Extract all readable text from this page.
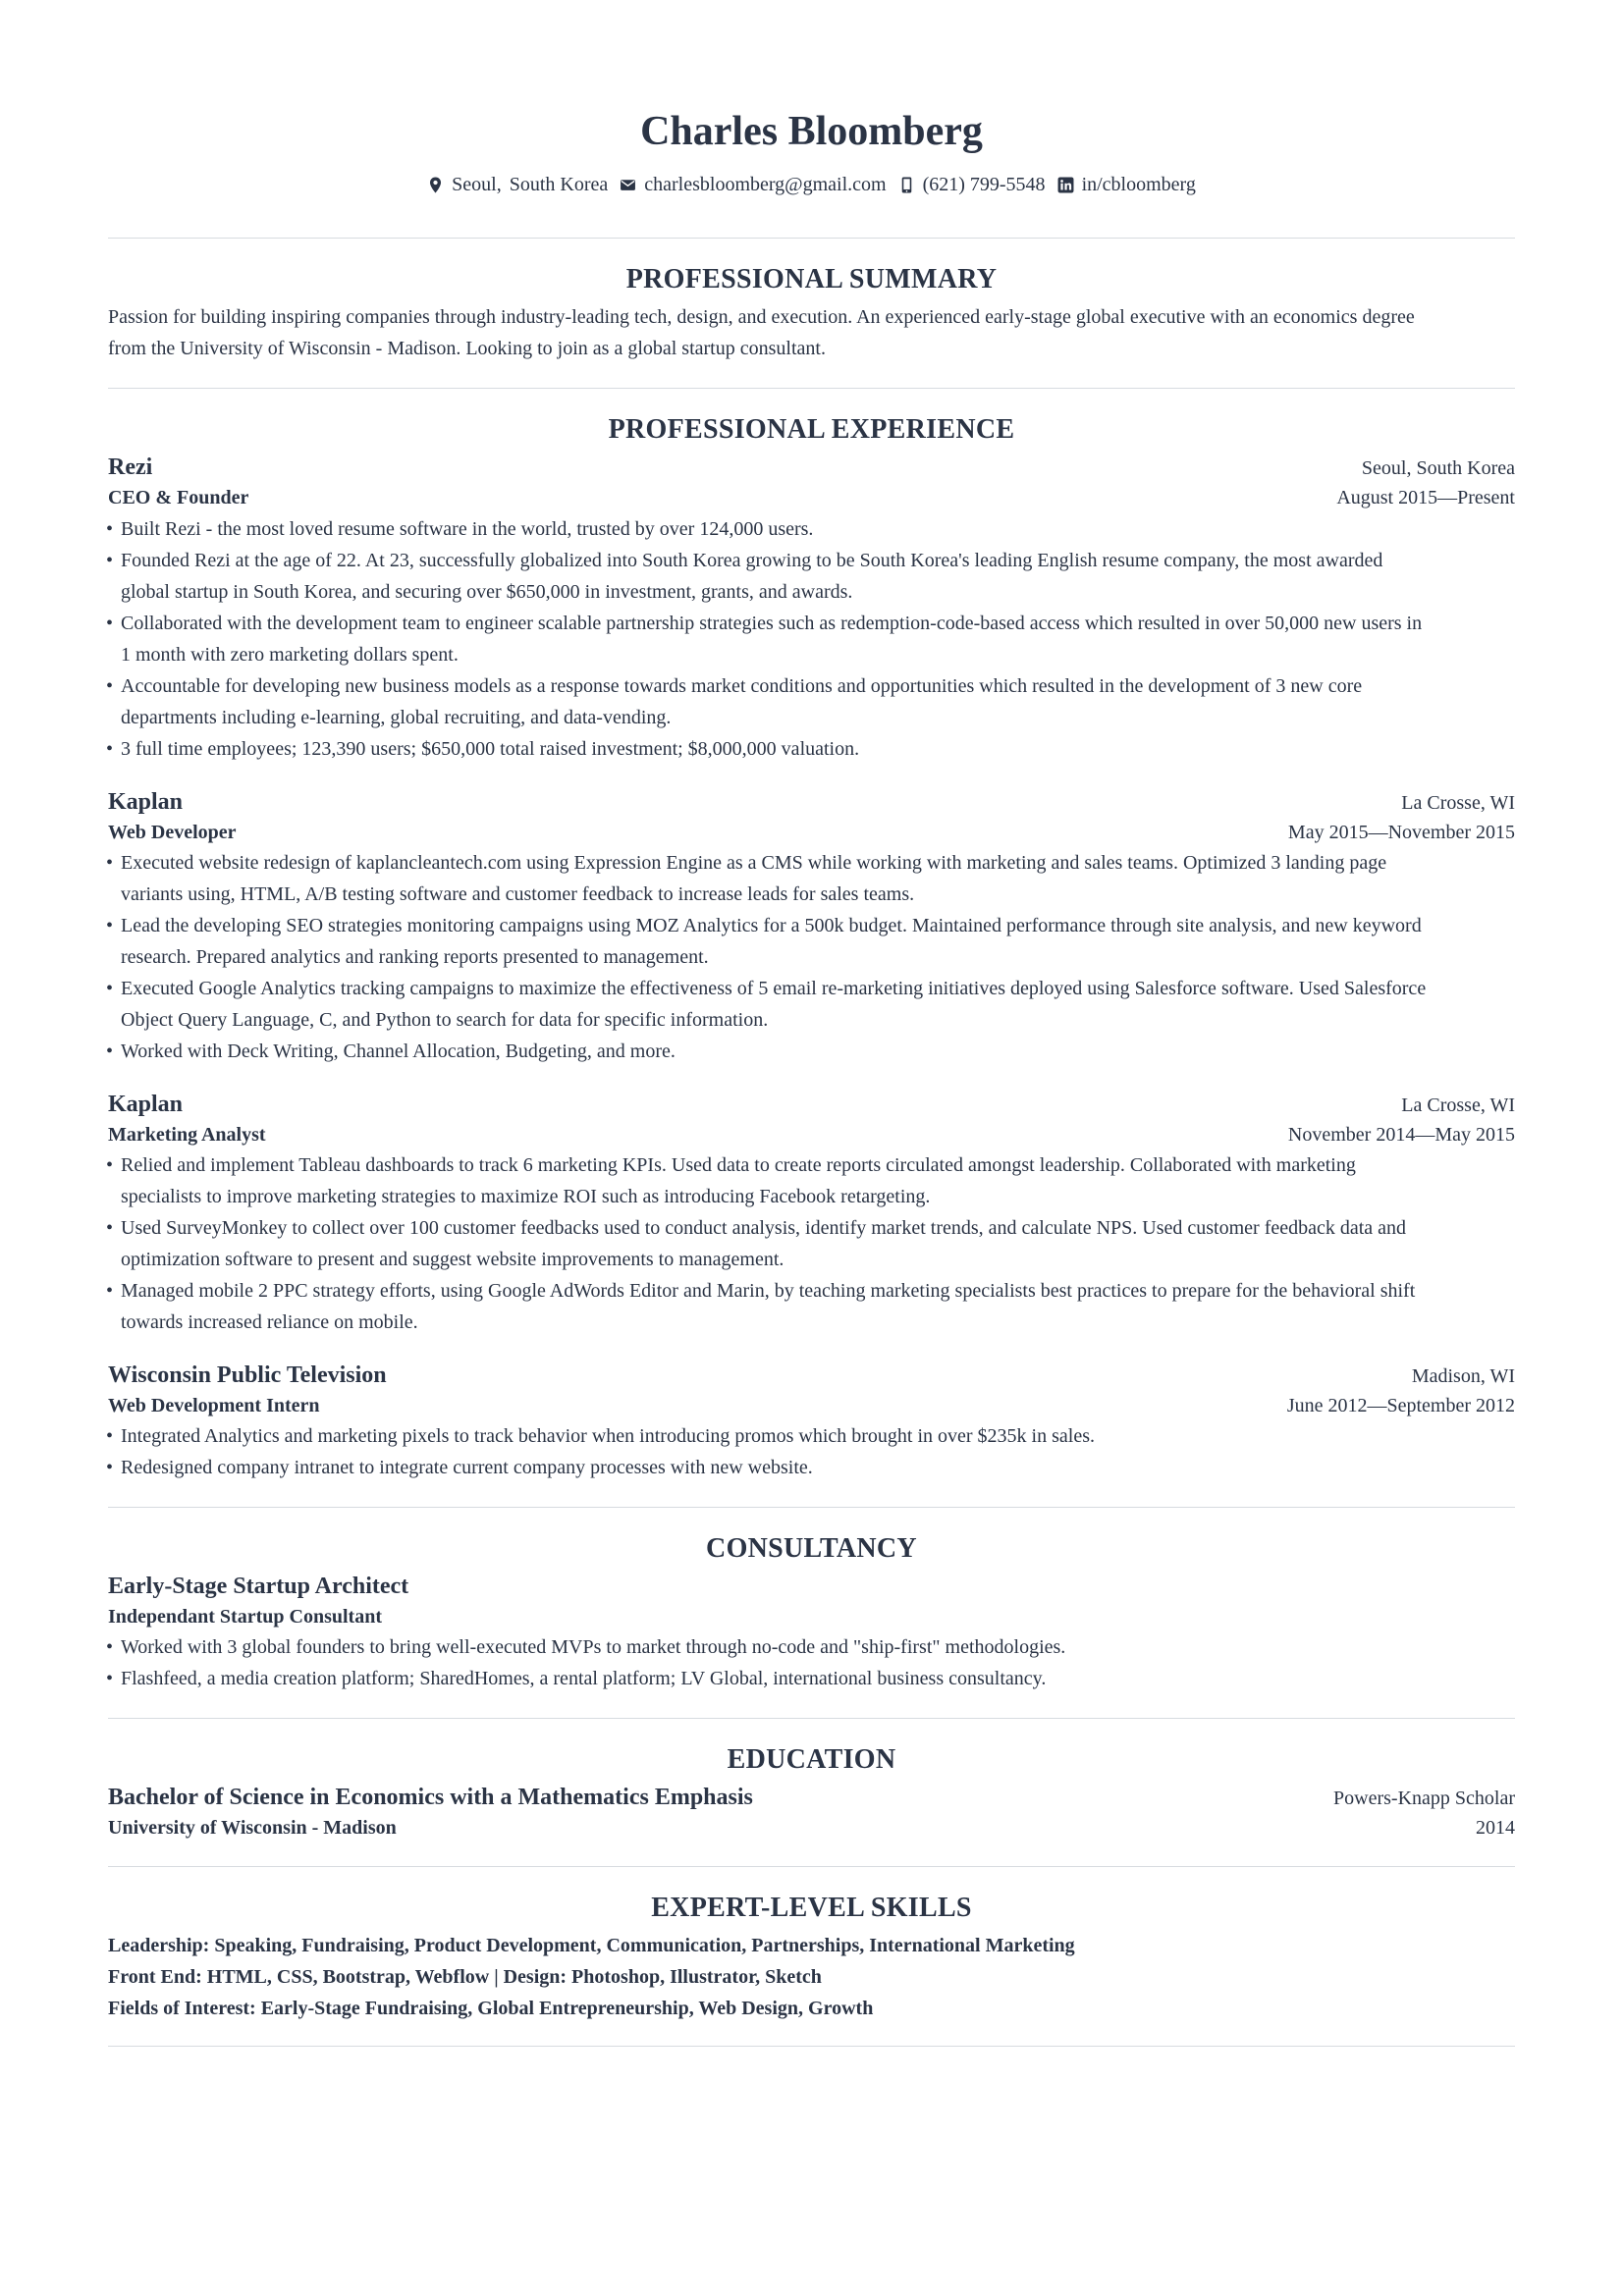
Charles Bloomberg
Seoul, South Korea charlesbloomberg@gmail.com (621) 799-5548 in/cbloomberg
PROFESSIONAL SUMMARY

Passion for building inspiring companies through industry-leading tech, design, and execution. An experienced early-stage global executive with an economics degree

from the University of Wisconsin - Madison. Looking to join as a global startup consultant.

PROFESSIONAL EXPERIENCE
Rezi	Seoul, South Korea
CEO & Founder	August 2015—Present
• Built Rezi - the most loved resume software in the world, trusted by over 124,000 users.
• Founded Rezi at the age of 22. At 23, successfully globalized into South Korea growing to be South Korea's leading English resume company, the most awarded
global startup in South Korea, and securing over $650,000 in investment, grants, and awards.
• Collaborated with the development team to engineer scalable partnership strategies such as redemption-code-based access which resulted in over 50,000 new users in
1 month with zero marketing dollars spent.
• Accountable for developing new business models as a response towards market conditions and opportunities which resulted in the development of 3 new core
departments including e-learning, global recruiting, and data-vending.
• 3 full time employees; 123,390 users; $650,000 total raised investment; $8,000,000 valuation.
Kaplan	La Crosse, WI
Web Developer	May 2015—November 2015
• Executed website redesign of kaplancleantech.com using Expression Engine as a CMS while working with marketing and sales teams. Optimized 3 landing page
variants using, HTML, A/B testing software and customer feedback to increase leads for sales teams.
• Lead the developing SEO strategies monitoring campaigns using MOZ Analytics for a 500k budget. Maintained performance through site analysis, and new keyword
research. Prepared analytics and ranking reports presented to management.
• Executed Google Analytics tracking campaigns to maximize the effectiveness of 5 email re-marketing initiatives deployed using Salesforce software. Used Salesforce
Object Query Language, C, and Python to search for data for specific information.
• Worked with Deck Writing, Channel Allocation, Budgeting, and more.
Kaplan	La Crosse, WI
Marketing Analyst	November 2014—May 2015
• Relied and implement Tableau dashboards to track 6 marketing KPIs. Used data to create reports circulated amongst leadership. Collaborated with marketing
specialists to improve marketing strategies to maximize ROI such as introducing Facebook retargeting.
• Used SurveyMonkey to collect over 100 customer feedbacks used to conduct analysis, identify market trends, and calculate NPS. Used customer feedback data and
optimization software to present and suggest website improvements to management.
• Managed mobile 2 PPC strategy efforts, using Google AdWords Editor and Marin, by teaching marketing specialists best practices to prepare for the behavioral shift
towards increased reliance on mobile.
Wisconsin Public Television	Madison, WI
Web Development Intern	June 2012—September 2012
• Integrated Analytics and marketing pixels to track behavior when introducing promos which brought in over $235k in sales.
• Redesigned company intranet to integrate current company processes with new website.
CONSULTANCY
Early-Stage Startup Architect
Independant Startup Consultant
• Worked with 3 global founders to bring well-executed MVPs to market through no-code and "ship-first" methodologies.
• Flashfeed, a media creation platform; SharedHomes, a rental platform; LV Global, international business consultancy.
EDUCATION
Bachelor of Science in Economics with a Mathematics Emphasis	Powers-Knapp Scholar
University of Wisconsin - Madison	2014
EXPERT-LEVEL SKILLS
Leadership: Speaking, Fundraising, Product Development, Communication, Partnerships, International Marketing
Front End: HTML, CSS, Bootstrap, Webflow | Design: Photoshop, Illustrator, Sketch
Fields of Interest: Early-Stage Fundraising, Global Entrepreneurship, Web Design, Growth
